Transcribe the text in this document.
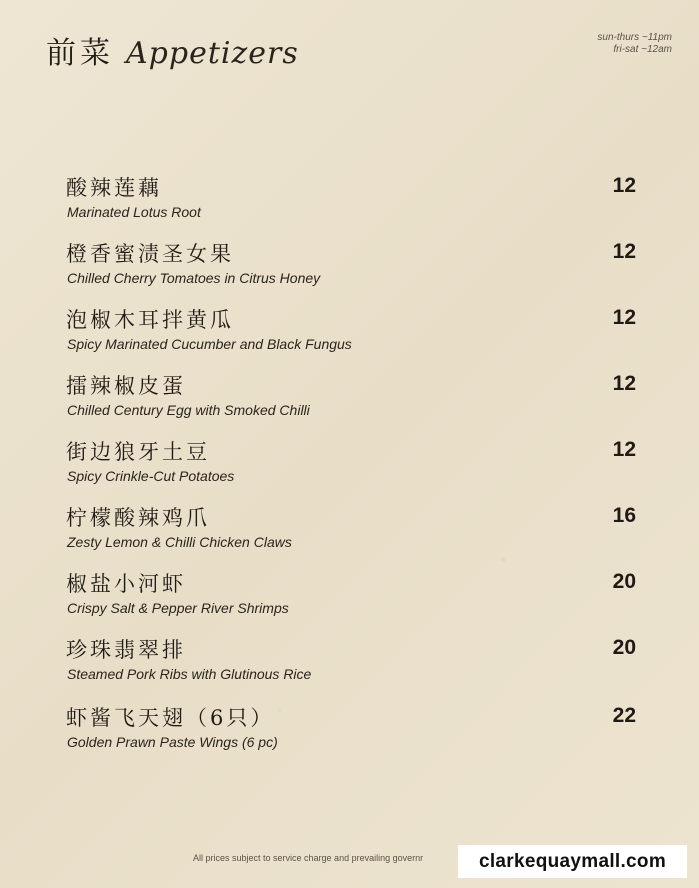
前菜 Appetizers	sun-thurs ~11pm
fri-sat ~12am
酸辣莲藕
Marinated Lotus Root
12
橙香蜜渍圣女果
Chilled Cherry Tomatoes in Citrus Honey
12
泡椒木耳拌黄瓜
Spicy Marinated Cucumber and Black Fungus
12
擂辣椒皮蛋
Chilled Century Egg with Smoked Chilli
12
街边狼牙土豆
Spicy Crinkle-Cut Potatoes
12
柠檬酸辣鸡爪
Zesty Lemon & Chilli Chicken Claws
16
椒盐小河虾
Crispy Salt & Pepper River Shrimps
20
珍珠翡翠排
Steamed Pork Ribs with Glutinous Rice
20
虾酱飞天翅（6只）
Golden Prawn Paste Wings (6 pc)
22
All prices subject to service charge and prevailing governr	clarkequaymall.com
